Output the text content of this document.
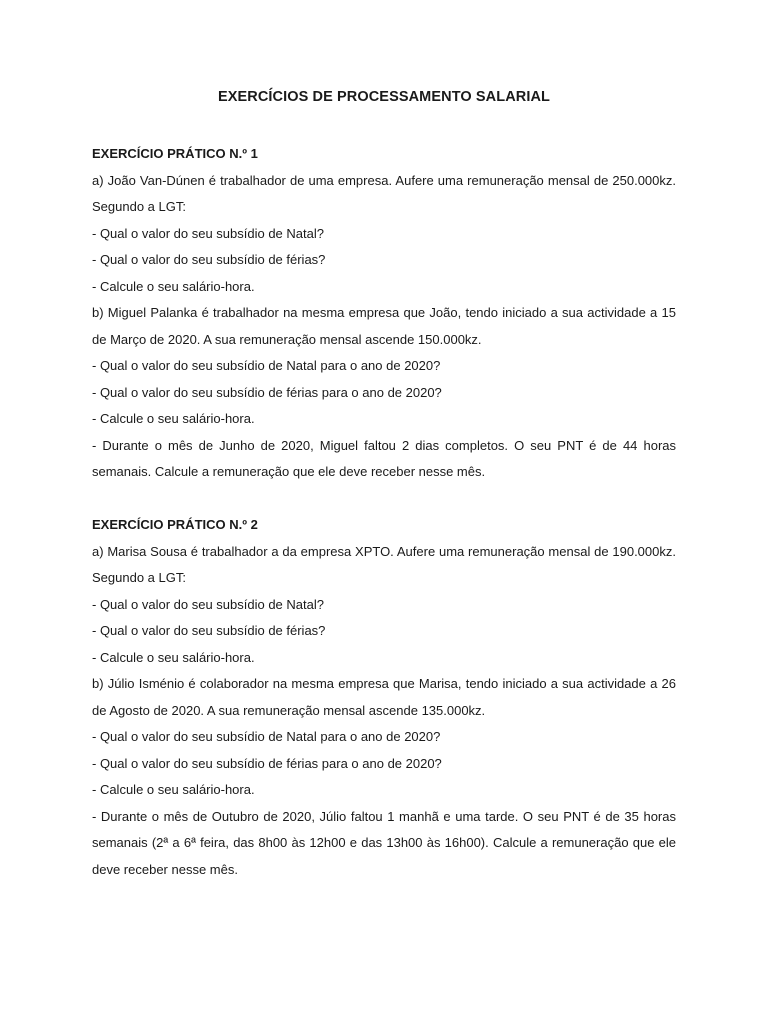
EXERCÍCIOS DE PROCESSAMENTO SALARIAL

EXERCÍCIO PRÁTICO N.º 1

a) João Van-Dúnen é trabalhador de uma empresa. Aufere uma remuneração mensal de 250.000kz. Segundo a LGT:

- Qual o valor do seu subsídio de Natal?

- Qual o valor do seu subsídio de férias?

- Calcule o seu salário-hora.

b) Miguel Palanka é trabalhador na mesma empresa que João, tendo iniciado a sua actividade a 15 de Março de 2020. A sua remuneração mensal ascende 150.000kz.

- Qual o valor do seu subsídio de Natal para o ano de 2020?

- Qual o valor do seu subsídio de férias para o ano de 2020?

- Calcule o seu salário-hora.

- Durante o mês de Junho de 2020, Miguel faltou 2 dias completos. O seu PNT é de 44 horas semanais. Calcule a remuneração que ele deve receber nesse mês.

EXERCÍCIO PRÁTICO N.º 2

a) Marisa Sousa é trabalhador a da empresa XPTO. Aufere uma remuneração mensal de 190.000kz. Segundo a LGT:

- Qual o valor do seu subsídio de Natal?

- Qual o valor do seu subsídio de férias?

- Calcule o seu salário-hora.

b) Júlio Isménio é colaborador na mesma empresa que Marisa, tendo iniciado a sua actividade a 26 de Agosto de 2020. A sua remuneração mensal ascende 135.000kz.

- Qual o valor do seu subsídio de Natal para o ano de 2020?

- Qual o valor do seu subsídio de férias para o ano de 2020?

- Calcule o seu salário-hora.

- Durante o mês de Outubro de 2020, Júlio faltou 1 manhã e uma tarde. O seu PNT é de 35 horas semanais (2ª a 6ª feira, das 8h00 às 12h00 e das 13h00 às 16h00). Calcule a remuneração que ele deve receber nesse mês.
